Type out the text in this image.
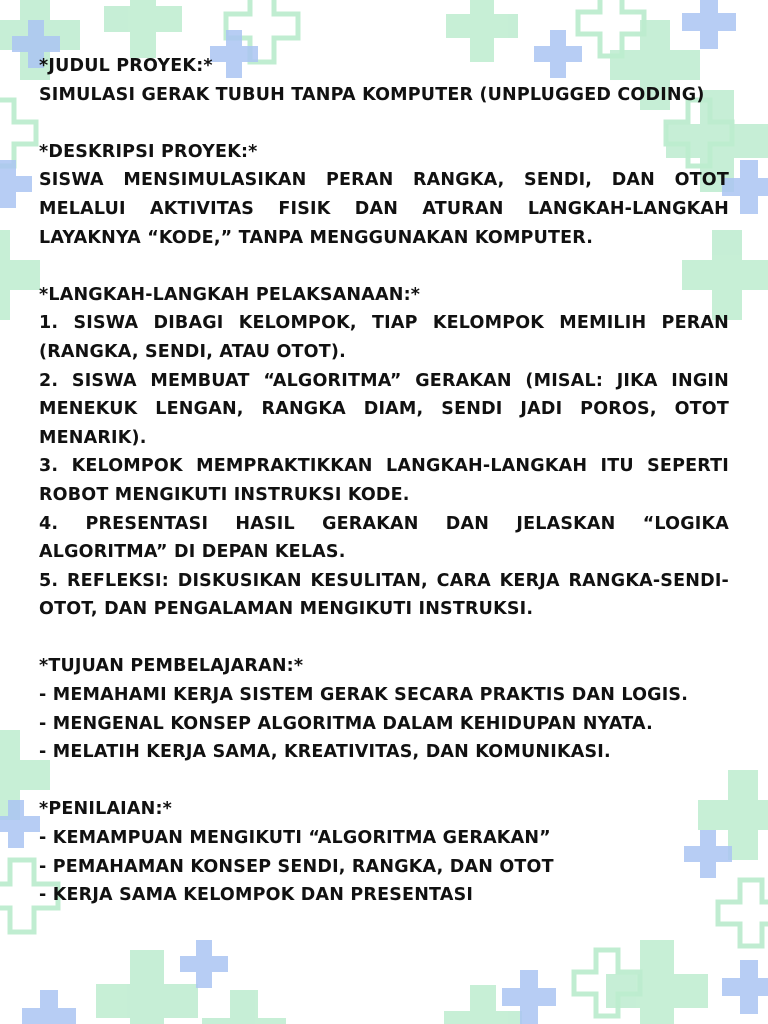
*JUDUL PROYEK:*

SIMULASI GERAK TUBUH TANPA KOMPUTER (UNPLUGGED CODING)

*DESKRIPSI PROYEK:*

SISWA MENSIMULASIKAN PERAN RANGKA, SENDI, DAN OTOT MELALUI AKTIVITAS FISIK DAN ATURAN LANGKAH-LANGKAH LAYAKNYA “KODE,” TANPA MENGGUNAKAN KOMPUTER.

*LANGKAH-LANGKAH PELAKSANAAN:*

1. SISWA DIBAGI KELOMPOK, TIAP KELOMPOK MEMILIH PERAN (RANGKA, SENDI, ATAU OTOT).

2. SISWA MEMBUAT “ALGORITMA” GERAKAN (MISAL: JIKA INGIN MENEKUK LENGAN, RANGKA DIAM, SENDI JADI POROS, OTOT MENARIK).

3. KELOMPOK MEMPRAKTIKKAN LANGKAH-LANGKAH ITU SEPERTI ROBOT MENGIKUTI INSTRUKSI KODE.

4. PRESENTASI HASIL GERAKAN DAN JELASKAN “LOGIKA ALGORITMA” DI DEPAN KELAS.

5. REFLEKSI: DISKUSIKAN KESULITAN, CARA KERJA RANGKA-SENDI-OTOT, DAN PENGALAMAN MENGIKUTI INSTRUKSI.

*TUJUAN PEMBELAJARAN:*

- MEMAHAMI KERJA SISTEM GERAK SECARA PRAKTIS DAN LOGIS.

- MENGENAL KONSEP ALGORITMA DALAM KEHIDUPAN NYATA.

- MELATIH KERJA SAMA, KREATIVITAS, DAN KOMUNIKASI.

*PENILAIAN:*

- KEMAMPUAN MENGIKUTI “ALGORITMA GERAKAN”

- PEMAHAMAN KONSEP SENDI, RANGKA, DAN OTOT

- KERJA SAMA KELOMPOK DAN PRESENTASI
